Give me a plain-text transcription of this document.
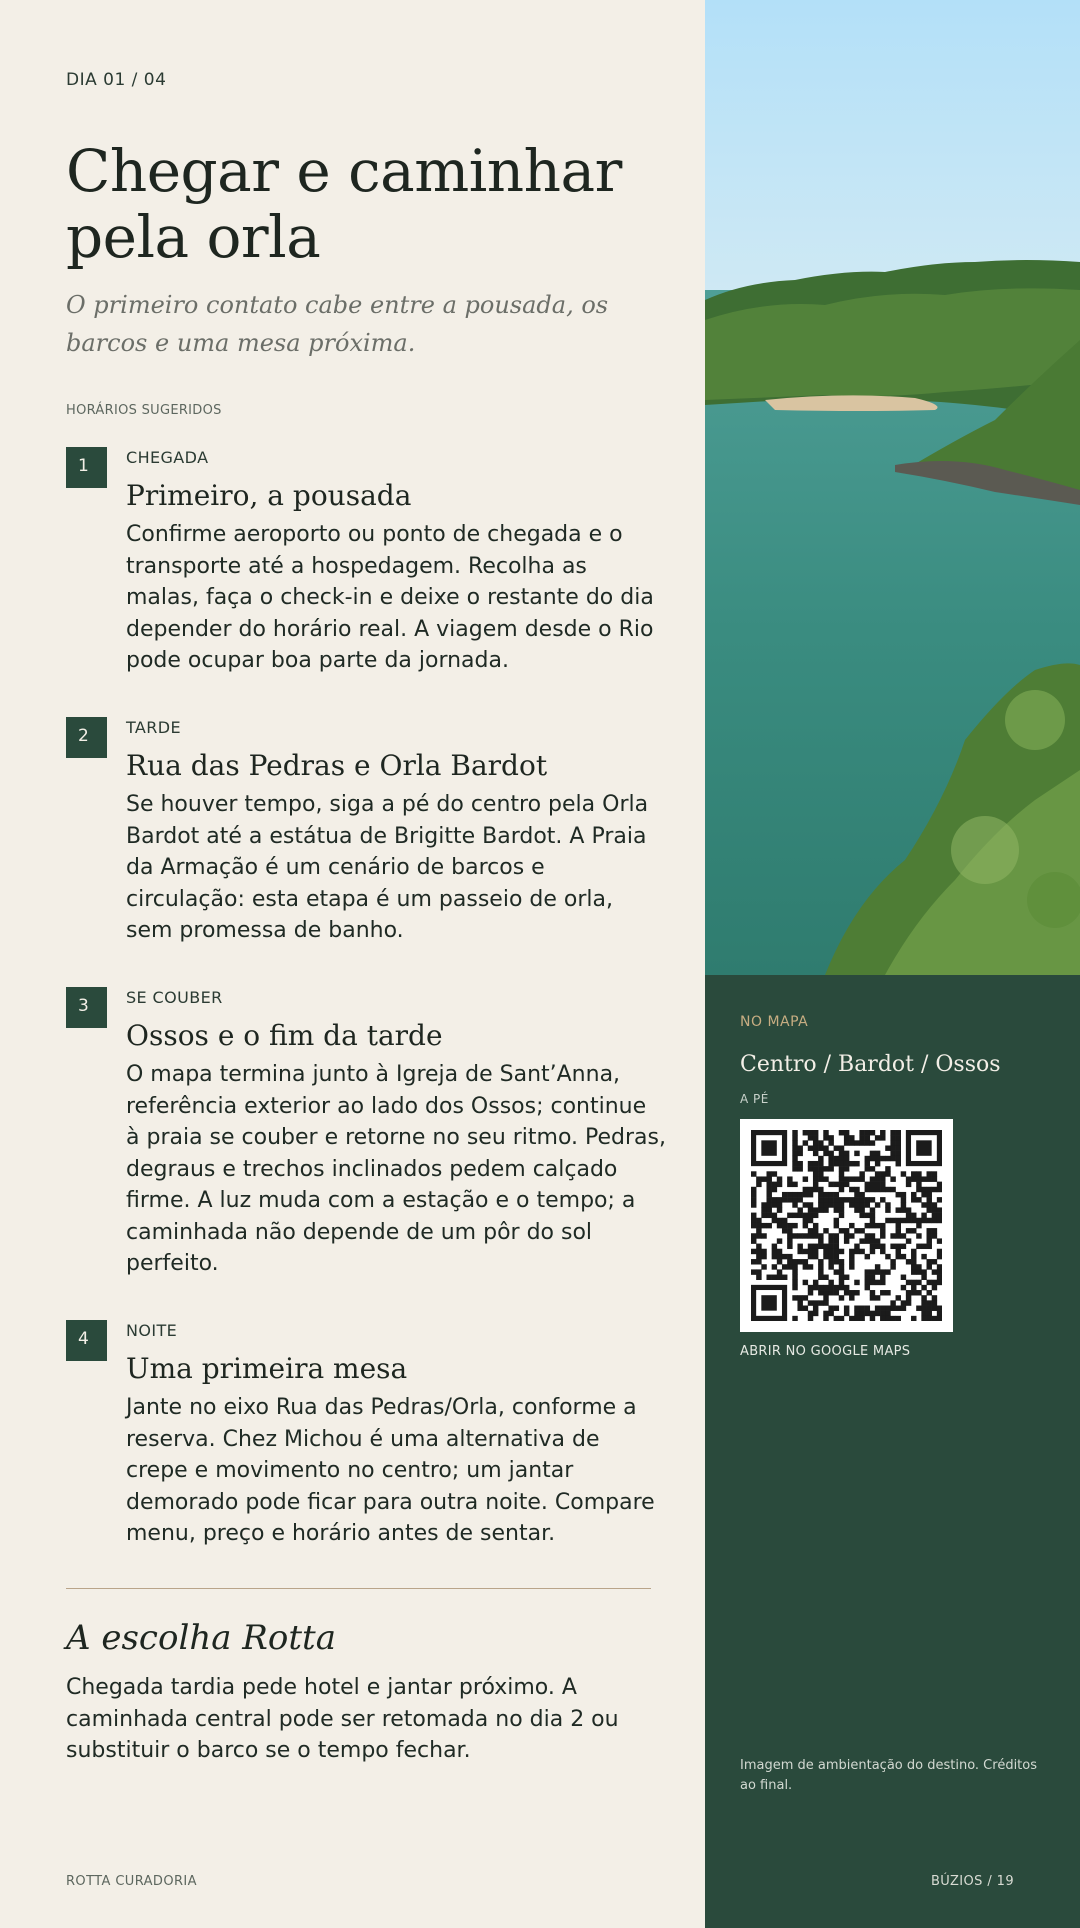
DIA 01 / 04
Chegar e caminhar pela orla

O primeiro contato cabe entre a pousada, os barcos e uma mesa próxima.

HORÁRIOS SUGERIDOS
1	CHEGADA
Primeiro, a pousada
Confirme aeroporto ou ponto de chegada e o transporte até a hospedagem. Recolha as malas, faça o check-in e deixe o restante do dia depender do horário real. A viagem desde o Rio pode ocupar boa parte da jornada.
2	TARDE
Rua das Pedras e Orla Bardot
Se houver tempo, siga a pé do centro pela Orla Bardot até a estátua de Brigitte Bardot. A Praia da Armação é um cenário de barcos e circulação: esta etapa é um passeio de orla, sem promessa de banho.
3	SE COUBER
Ossos e o fim da tarde
O mapa termina junto à Igreja de Sant’Anna, referência exterior ao lado dos Ossos; continue à praia se couber e retorne no seu ritmo. Pedras, degraus e trechos inclinados pedem calçado firme. A luz muda com a estação e o tempo; a caminhada não depende de um pôr do sol perfeito.
4	NOITE
Uma primeira mesa
Jante no eixo Rua das Pedras/Orla, conforme a reserva. Chez Michou é uma alternativa de crepe e movimento no centro; um jantar demorado pode ficar para outra noite. Compare menu, preço e horário antes de sentar.
A escolha Rotta
Chegada tardia pede hotel e jantar próximo. A caminhada central pode ser retomada no dia 2 ou substituir o barco se o tempo fechar.
ROTTA CURADORIA
NO MAPA
Centro / Bardot / Ossos
A PÉ
ABRIR NO GOOGLE MAPS
Imagem de ambientação do destino. Créditos ao final.
BÚZIOS / 19
